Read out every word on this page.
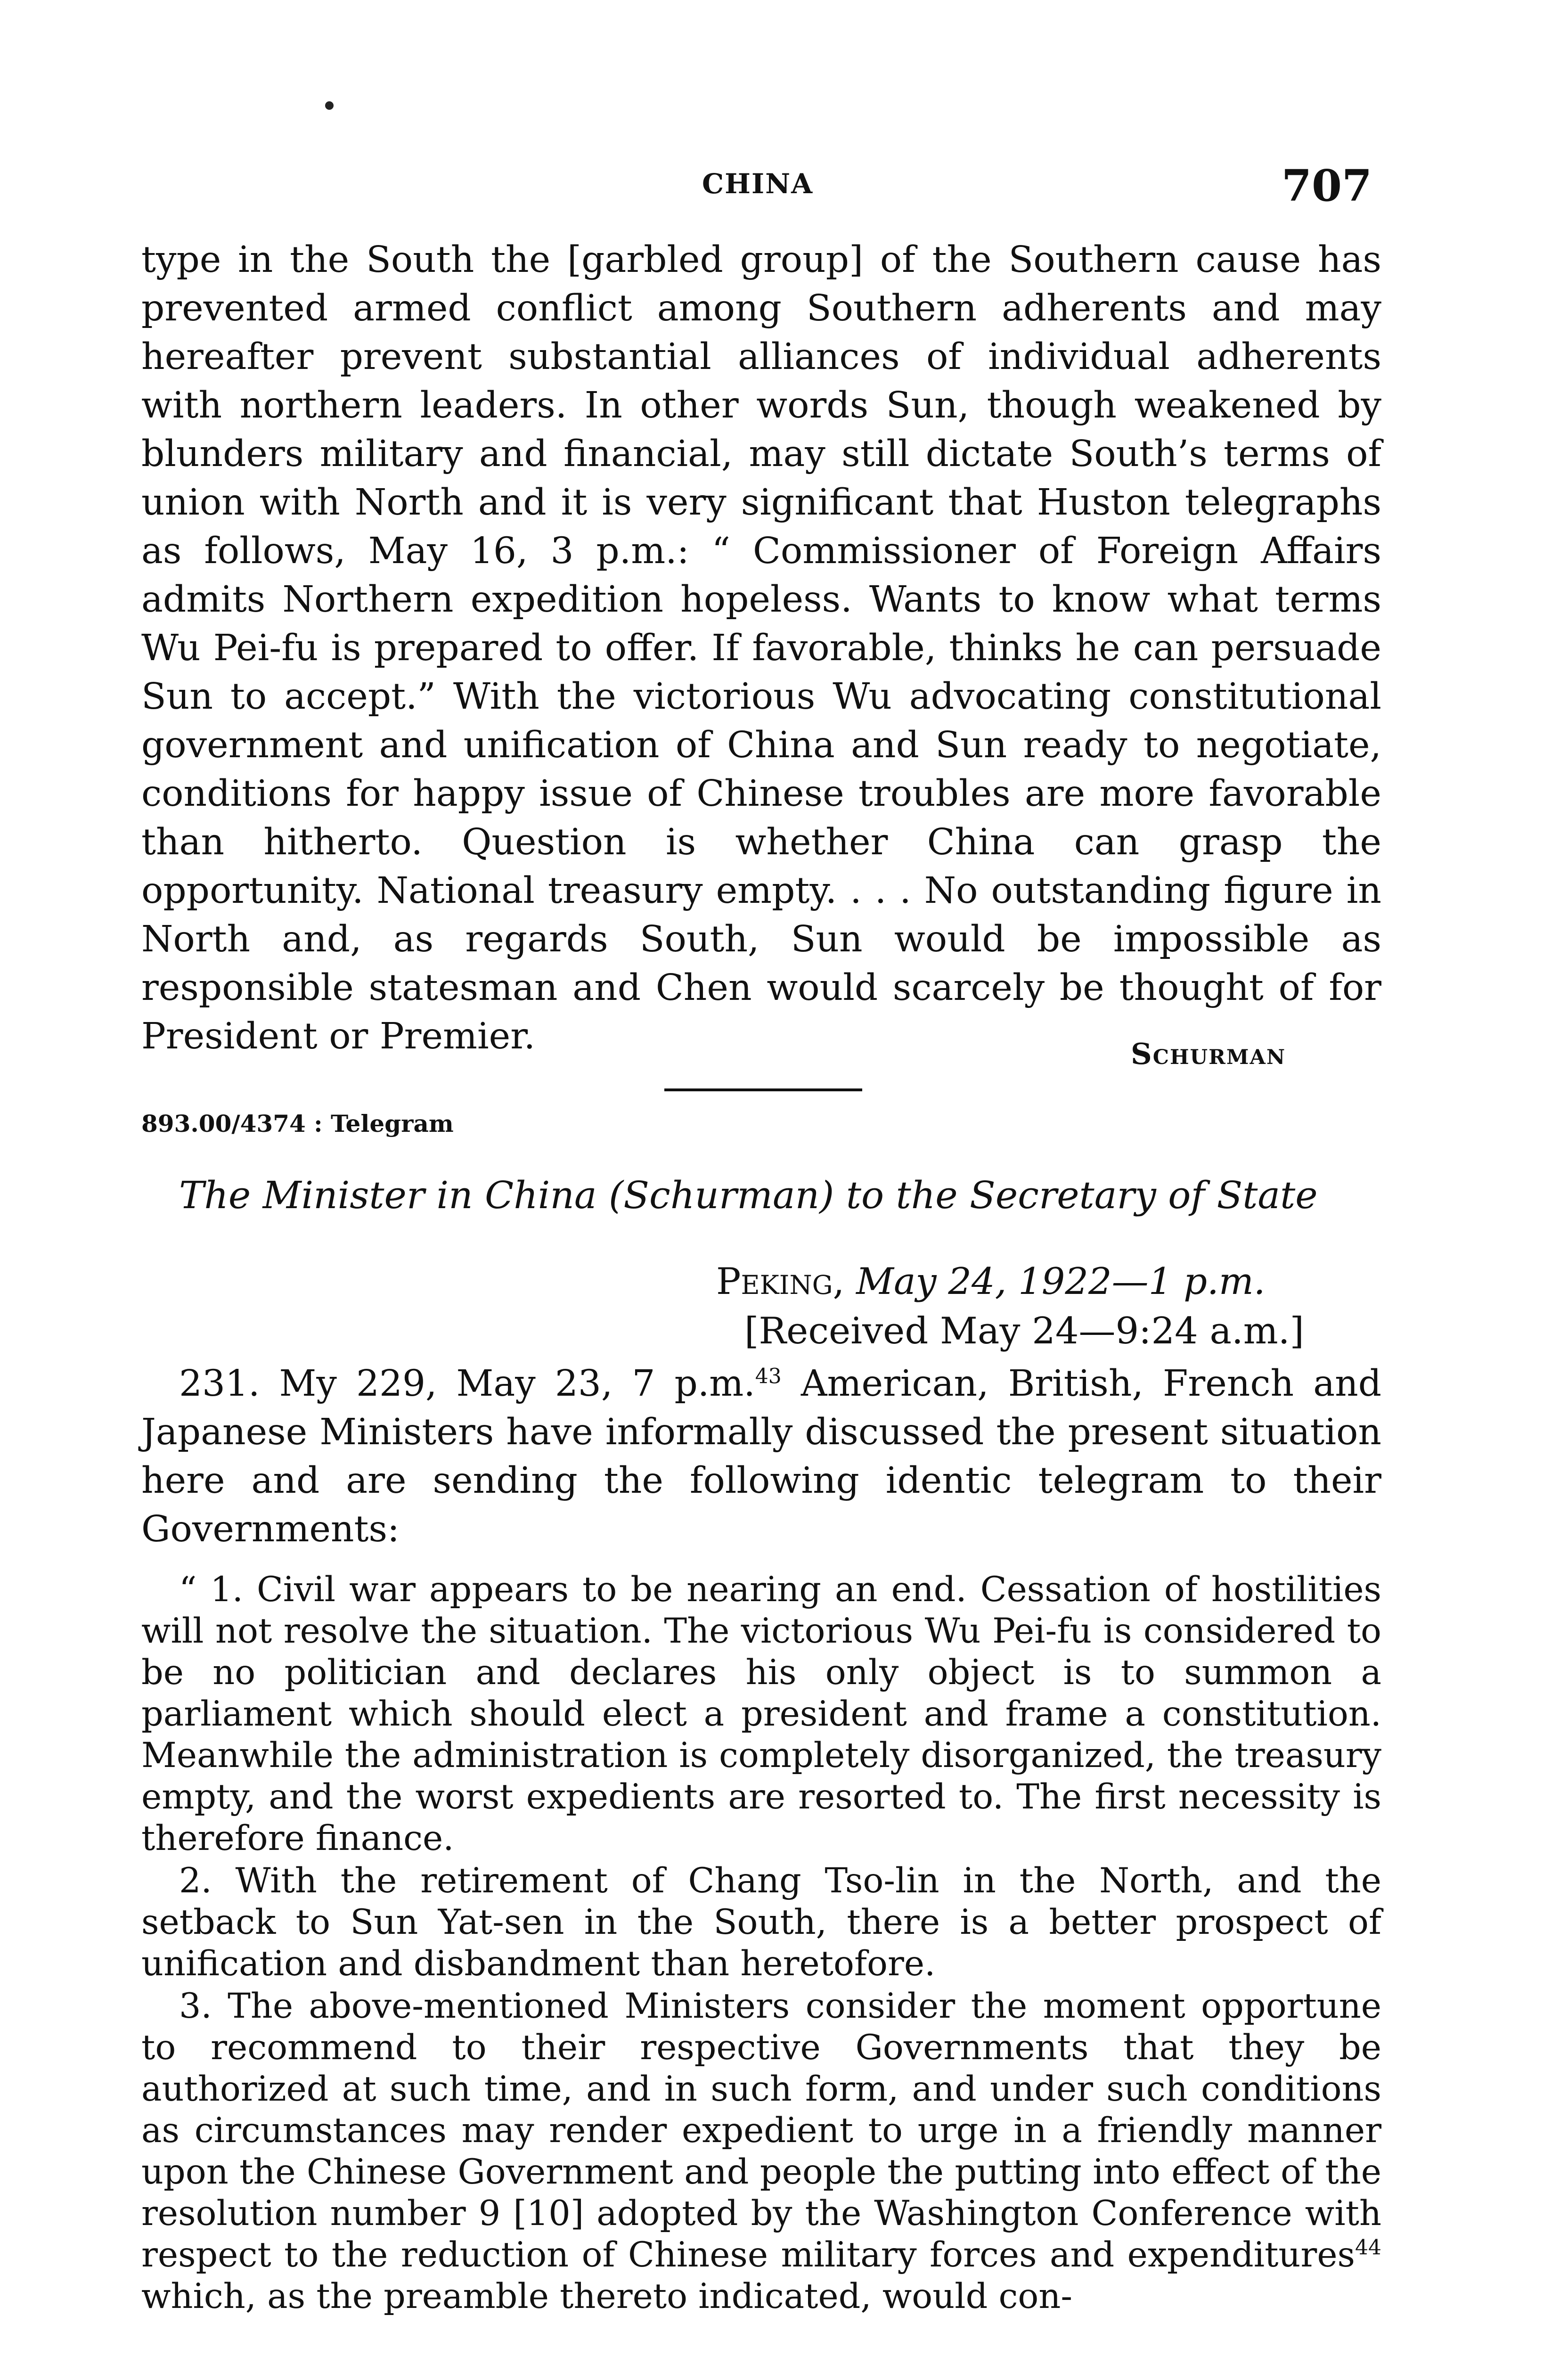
CHINA	707

type in the South the [garbled group] of the Southern cause has prevented armed conflict among Southern adherents and may hereafter prevent substantial alliances of individual adherents with northern leaders. In other words Sun, though weakened by blunders military and financial, may still dictate South’s terms of union with North and it is very significant that Huston telegraphs as follows, May 16, 3 p.m.: “ Commissioner of Foreign Affairs admits Northern expedition hopeless. Wants to know what terms Wu Pei-fu is prepared to offer. If favorable, thinks he can persuade Sun to accept.” With the victorious Wu advocating constitutional government and unification of China and Sun ready to negotiate, conditions for happy issue of Chinese troubles are more favorable than hitherto. Question is whether China can grasp the opportunity. National treasury empty. . . . No outstanding figure in North and, as regards South, Sun would be impossible as responsible statesman and Chen would scarcely be thought of for President or Premier.	Schurman
893.00/4374 : Telegram
The Minister in China (Schurman) to the Secretary of State
Peking, May 24, 1922—1 p.m.
[Received May 24—9:24 a.m.]

231. My 229, May 23, 7 p.m.$^{43}$ American, British, French and Japanese Ministers have informally discussed the present situation here and are sending the following identic telegram to their Governments:

“ 1. Civil war appears to be nearing an end. Cessation of hostilities will not resolve the situation. The victorious Wu Pei-fu is considered to be no politician and declares his only object is to summon a parliament which should elect a president and frame a constitution. Meanwhile the administration is completely disorganized, the treasury empty, and the worst expedients are resorted to. The first necessity is therefore finance.

2. With the retirement of Chang Tso-lin in the North, and the setback to Sun Yat-sen in the South, there is a better prospect of unification and disbandment than heretofore.

3. The above-mentioned Ministers consider the moment opportune to recommend to their respective Governments that they be authorized at such time, and in such form, and under such conditions as circumstances may render expedient to urge in a friendly manner upon the Chinese Government and people the putting into effect of the resolution number 9 [10] adopted by the Washington Conference with respect to the reduction of Chinese military forces and expenditures$^{44}$ which, as the preamble thereto indicated, would con-
